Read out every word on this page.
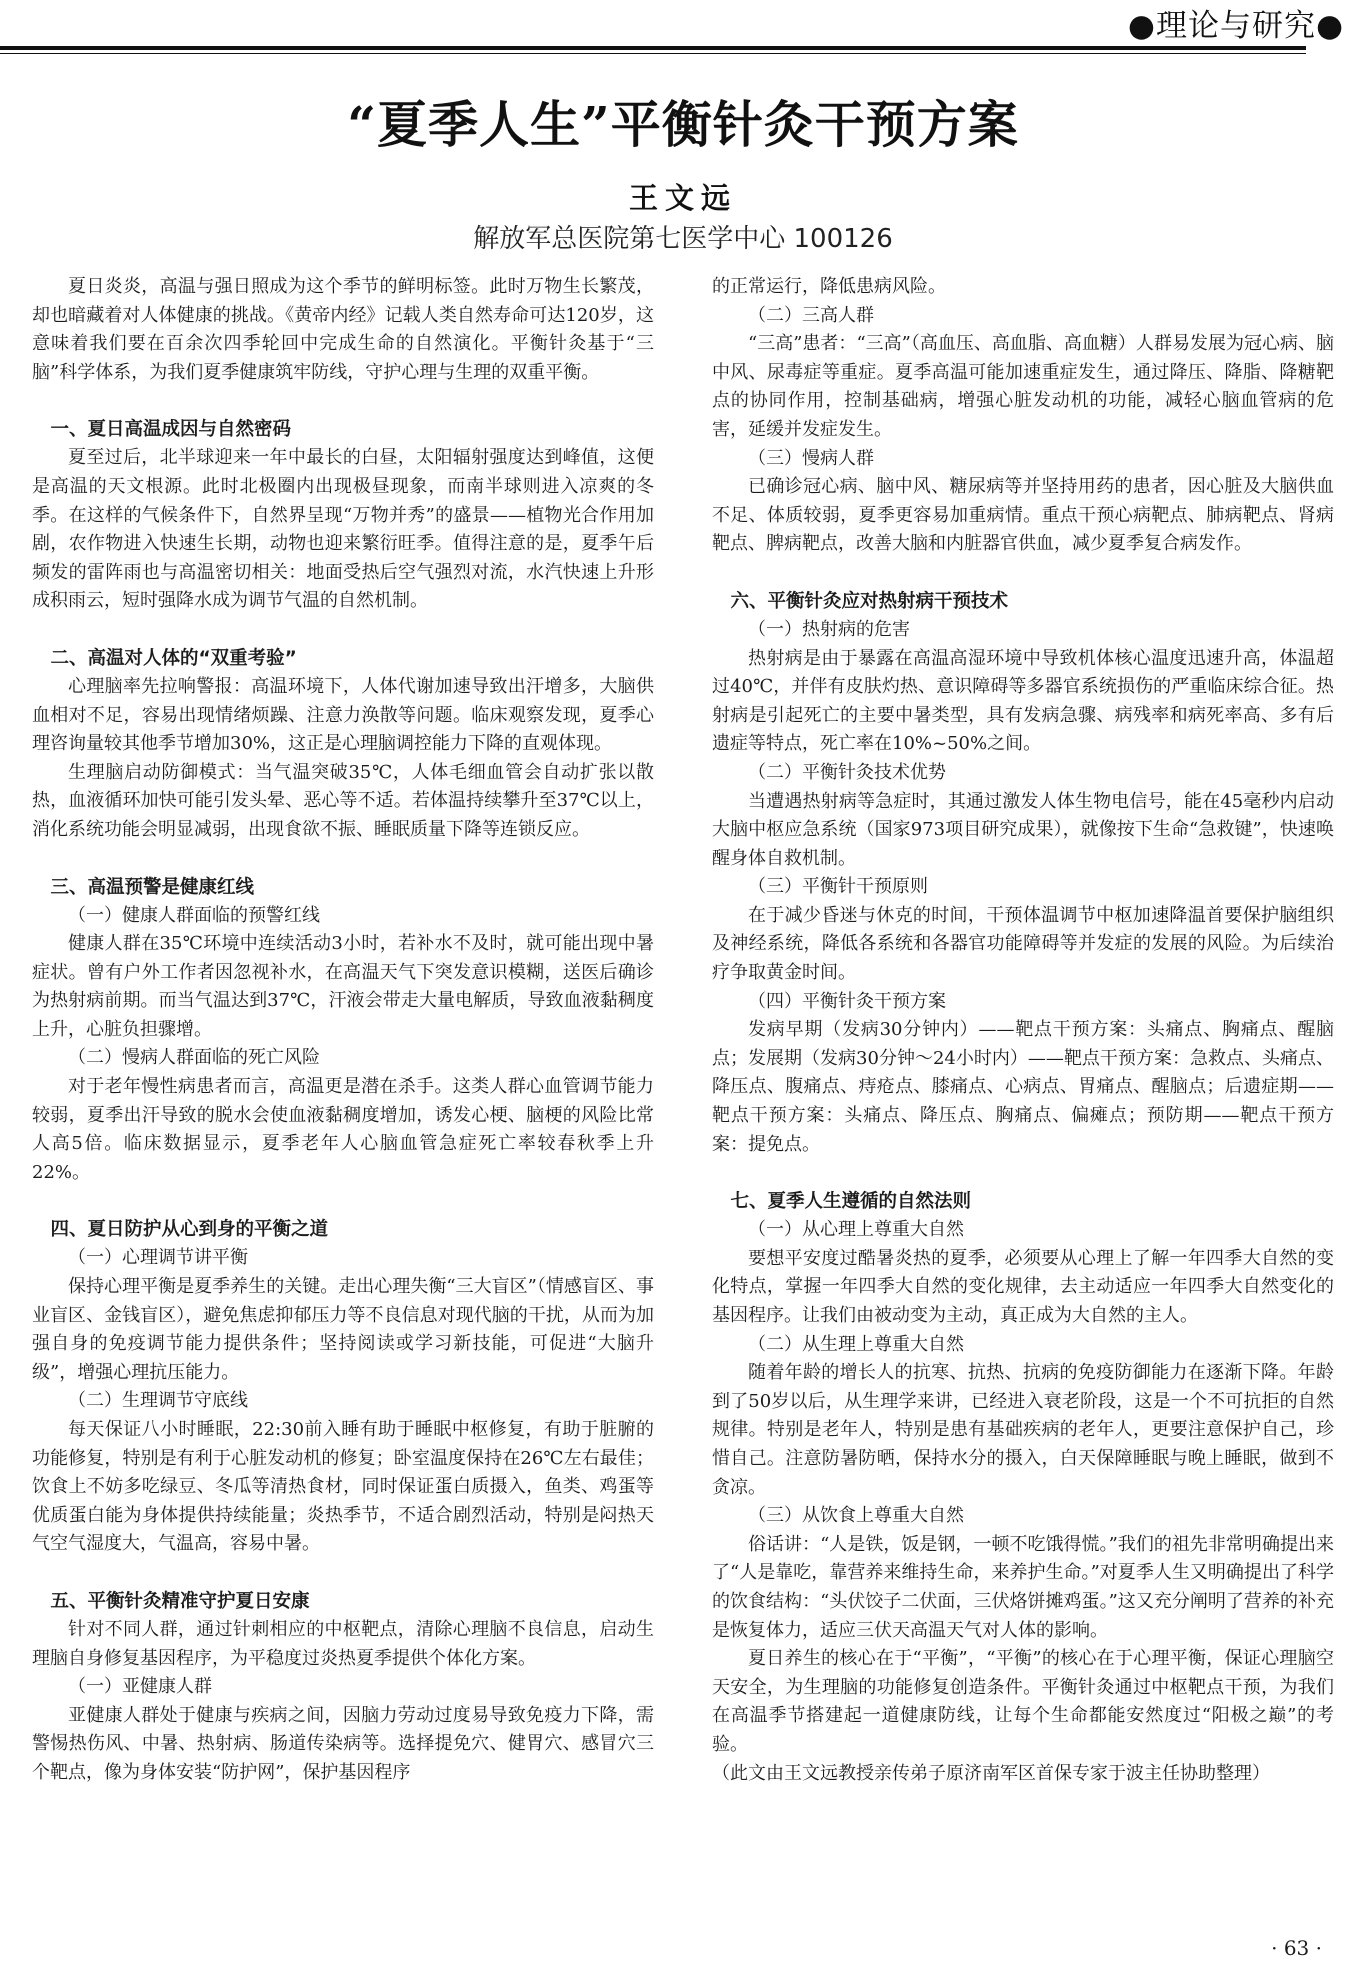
●理论与研究●
“夏季人生”平衡针灸干预方案
王文远
解放军总医院第七医学中心 100126

夏日炎炎，高温与强日照成为这个季节的鲜明标签。此时万物生长繁茂，却也暗藏着对人体健康的挑战。《黄帝内经》记载人类自然寿命可达120岁，这意味着我们要在百余次四季轮回中完成生命的自然演化。平衡针灸基于“三脑”科学体系，为我们夏季健康筑牢防线，守护心理与生理的双重平衡。

一、夏日高温成因与自然密码

夏至过后，北半球迎来一年中最长的白昼，太阳辐射强度达到峰值，这便是高温的天文根源。此时北极圈内出现极昼现象，而南半球则进入凉爽的冬季。在这样的气候条件下，自然界呈现“万物并秀”的盛景——植物光合作用加剧，农作物进入快速生长期，动物也迎来繁衍旺季。值得注意的是，夏季午后频发的雷阵雨也与高温密切相关：地面受热后空气强烈对流，水汽快速上升形成积雨云，短时强降水成为调节气温的自然机制。

二、高温对人体的“双重考验”

心理脑率先拉响警报：高温环境下，人体代谢加速导致出汗增多，大脑供血相对不足，容易出现情绪烦躁、注意力涣散等问题。临床观察发现，夏季心理咨询量较其他季节增加30%，这正是心理脑调控能力下降的直观体现。

生理脑启动防御模式：当气温突破35℃，人体毛细血管会自动扩张以散热，血液循环加快可能引发头晕、恶心等不适。若体温持续攀升至37℃以上，消化系统功能会明显减弱，出现食欲不振、睡眠质量下降等连锁反应。

三、高温预警是健康红线

（一）健康人群面临的预警红线

健康人群在35℃环境中连续活动3小时，若补水不及时，就可能出现中暑症状。曾有户外工作者因忽视补水，在高温天气下突发意识模糊，送医后确诊为热射病前期。而当气温达到37℃，汗液会带走大量电解质，导致血液黏稠度上升，心脏负担骤增。

（二）慢病人群面临的死亡风险

对于老年慢性病患者而言，高温更是潜在杀手。这类人群心血管调节能力较弱，夏季出汗导致的脱水会使血液黏稠度增加，诱发心梗、脑梗的风险比常人高5倍。临床数据显示，夏季老年人心脑血管急症死亡率较春秋季上升22%。

四、夏日防护从心到身的平衡之道

（一）心理调节讲平衡

保持心理平衡是夏季养生的关键。走出心理失衡“三大盲区”（情感盲区、事业盲区、金钱盲区），避免焦虑抑郁压力等不良信息对现代脑的干扰，从而为加强自身的免疫调节能力提供条件；坚持阅读或学习新技能，可促进“大脑升级”，增强心理抗压能力。

（二）生理调节守底线

每天保证八小时睡眠，22:30前入睡有助于睡眠中枢修复，有助于脏腑的功能修复，特别是有利于心脏发动机的修复；卧室温度保持在26℃左右最佳；饮食上不妨多吃绿豆、冬瓜等清热食材，同时保证蛋白质摄入，鱼类、鸡蛋等优质蛋白能为身体提供持续能量；炎热季节，不适合剧烈活动，特别是闷热天气空气湿度大，气温高，容易中暑。

五、平衡针灸精准守护夏日安康

针对不同人群，通过针刺相应的中枢靶点，清除心理脑不良信息，启动生理脑自身修复基因程序，为平稳度过炎热夏季提供个体化方案。

（一）亚健康人群

亚健康人群处于健康与疾病之间，因脑力劳动过度易导致免疫力下降，需警惕热伤风、中暑、热射病、肠道传染病等。选择提免穴、健胃穴、感冒穴三个靶点，像为身体安装“防护网”，保护基因程序

的正常运行，降低患病风险。

（二）三高人群

“三高”患者：“三高”（高血压、高血脂、高血糖）人群易发展为冠心病、脑中风、尿毒症等重症。夏季高温可能加速重症发生，通过降压、降脂、降糖靶点的协同作用，控制基础病，增强心脏发动机的功能，减轻心脑血管病的危害，延缓并发症发生。

（三）慢病人群

已确诊冠心病、脑中风、糖尿病等并坚持用药的患者，因心脏及大脑供血不足、体质较弱，夏季更容易加重病情。重点干预心病靶点、肺病靶点、肾病靶点、脾病靶点，改善大脑和内脏器官供血，减少夏季复合病发作。

六、平衡针灸应对热射病干预技术

（一）热射病的危害

热射病是由于暴露在高温高湿环境中导致机体核心温度迅速升高，体温超过40℃，并伴有皮肤灼热、意识障碍等多器官系统损伤的严重临床综合征。热射病是引起死亡的主要中暑类型，具有发病急骤、病残率和病死率高、多有后遗症等特点，死亡率在10%~50%之间。

（二）平衡针灸技术优势

当遭遇热射病等急症时，其通过激发人体生物电信号，能在45毫秒内启动大脑中枢应急系统（国家973项目研究成果），就像按下生命“急救键”，快速唤醒身体自救机制。

（三）平衡针干预原则

在于减少昏迷与休克的时间，干预体温调节中枢加速降温首要保护脑组织及神经系统，降低各系统和各器官功能障碍等并发症的发展的风险。为后续治疗争取黄金时间。

（四）平衡针灸干预方案

发病早期（发病30分钟内）——靶点干预方案：头痛点、胸痛点、醒脑点；发展期（发病30分钟～24小时内）——靶点干预方案：急救点、头痛点、降压点、腹痛点、痔疮点、膝痛点、心病点、胃痛点、醒脑点；后遗症期——靶点干预方案：头痛点、降压点、胸痛点、偏瘫点；预防期——靶点干预方案：提免点。

七、夏季人生遵循的自然法则

（一）从心理上尊重大自然

要想平安度过酷暑炎热的夏季，必须要从心理上了解一年四季大自然的变化特点，掌握一年四季大自然的变化规律，去主动适应一年四季大自然变化的基因程序。让我们由被动变为主动，真正成为大自然的主人。

（二）从生理上尊重大自然

随着年龄的增长人的抗寒、抗热、抗病的免疫防御能力在逐渐下降。年龄到了50岁以后，从生理学来讲，已经进入衰老阶段，这是一个不可抗拒的自然规律。特别是老年人，特别是患有基础疾病的老年人，更要注意保护自己，珍惜自己。注意防暑防晒，保持水分的摄入，白天保障睡眠与晚上睡眠，做到不贪凉。

（三）从饮食上尊重大自然

俗话讲：“人是铁，饭是钢，一顿不吃饿得慌。”我们的祖先非常明确提出来了“人是靠吃，靠营养来维持生命，来养护生命。”对夏季人生又明确提出了科学的饮食结构：“头伏饺子二伏面，三伏烙饼摊鸡蛋。”这又充分阐明了营养的补充是恢复体力，适应三伏天高温天气对人体的影响。

夏日养生的核心在于“平衡”，“平衡”的核心在于心理平衡，保证心理脑空天安全，为生理脑的功能修复创造条件。平衡针灸通过中枢靶点干预，为我们在高温季节搭建起一道健康防线，让每个生命都能安然度过“阳极之巅”的考验。

（此文由王文远教授亲传弟子原济南军区首保专家于波主任协助整理）

· 63 ·
